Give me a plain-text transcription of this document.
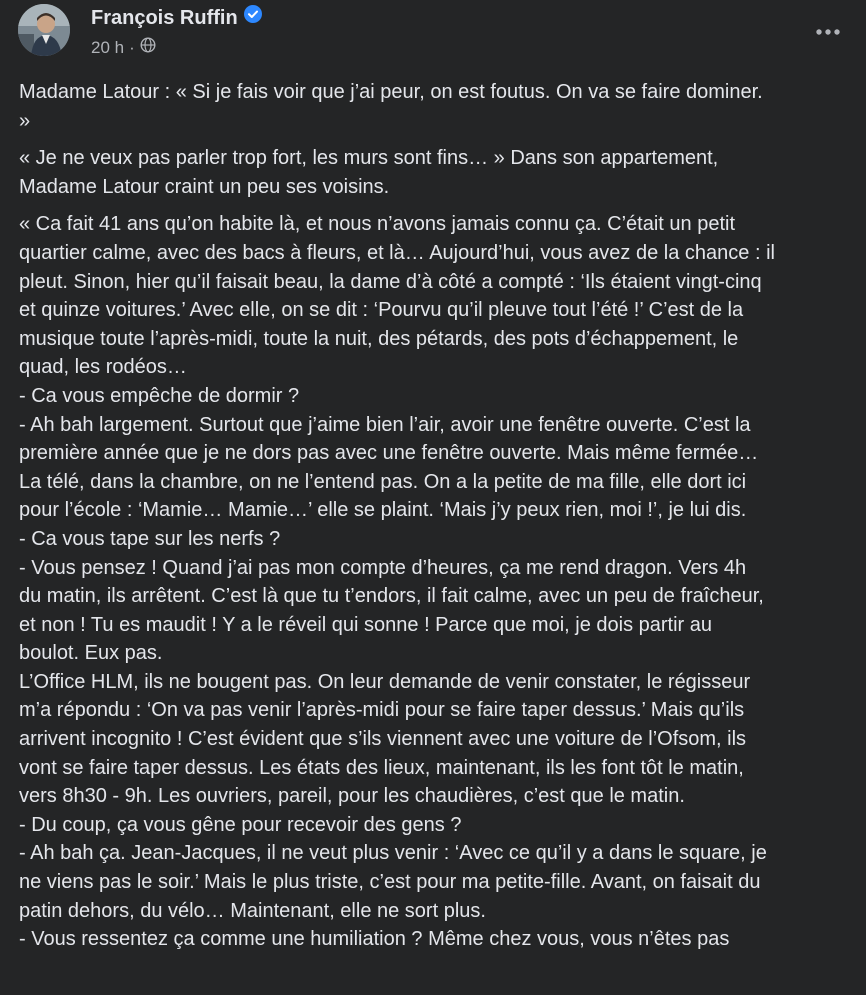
François Ruffin
20 h ·

Madame Latour : « Si je fais voir que j’ai peur, on est foutus. On va se faire dominer.
»

« Je ne veux pas parler trop fort, les murs sont fins… » Dans son appartement,
Madame Latour craint un peu ses voisins.

« Ca fait 41 ans qu’on habite là, et nous n’avons jamais connu ça. C’était un petit
quartier calme, avec des bacs à fleurs, et là… Aujourd’hui, vous avez de la chance : il
pleut. Sinon, hier qu’il faisait beau, la dame d’à côté a compté : ‘Ils étaient vingt-cinq
et quinze voitures.’ Avec elle, on se dit : ‘Pourvu qu’il pleuve tout l’été !’ C’est de la
musique toute l’après-midi, toute la nuit, des pétards, des pots d’échappement, le
quad, les rodéos…
- Ca vous empêche de dormir ?
- Ah bah largement. Surtout que j’aime bien l’air, avoir une fenêtre ouverte. C’est la
première année que je ne dors pas avec une fenêtre ouverte. Mais même fermée…
La télé, dans la chambre, on ne l’entend pas. On a la petite de ma fille, elle dort ici
pour l’école : ‘Mamie… Mamie…’ elle se plaint. ‘Mais j’y peux rien, moi !’, je lui dis.
- Ca vous tape sur les nerfs ?
- Vous pensez ! Quand j’ai pas mon compte d’heures, ça me rend dragon. Vers 4h
du matin, ils arrêtent. C’est là que tu t’endors, il fait calme, avec un peu de fraîcheur,
et non ! Tu es maudit ! Y a le réveil qui sonne ! Parce que moi, je dois partir au
boulot. Eux pas.
L’Office HLM, ils ne bougent pas. On leur demande de venir constater, le régisseur
m’a répondu : ‘On va pas venir l’après-midi pour se faire taper dessus.’ Mais qu’ils
arrivent incognito ! C’est évident que s’ils viennent avec une voiture de l’Ofsom, ils
vont se faire taper dessus. Les états des lieux, maintenant, ils les font tôt le matin,
vers 8h30 - 9h. Les ouvriers, pareil, pour les chaudières, c’est que le matin.
- Du coup, ça vous gêne pour recevoir des gens ?
- Ah bah ça. Jean-Jacques, il ne veut plus venir : ‘Avec ce qu’il y a dans le square, je
ne viens pas le soir.’ Mais le plus triste, c’est pour ma petite-fille. Avant, on faisait du
patin dehors, du vélo… Maintenant, elle ne sort plus.
- Vous ressentez ça comme une humiliation ? Même chez vous, vous n’êtes pas
